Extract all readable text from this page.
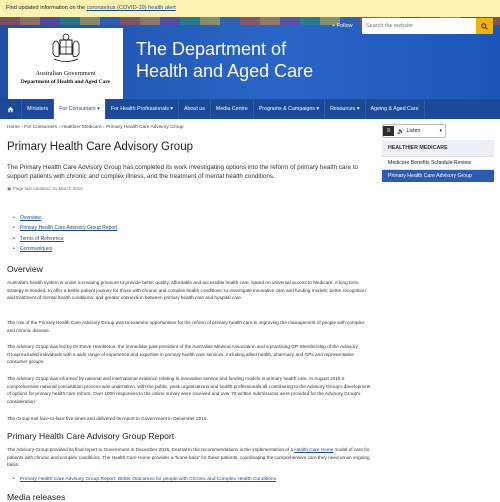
Find updated information on the coronavirus (COVID-19) health alert
Australian Government
Department of Health and Aged Care
The Department of
Health and Aged Care
+ Follow
Search the website
Ministers	For Consumers ▾	For Health Professionals ▾	About us	Media Centre	Programs & Campaigns ▾	Resources ▾	Ageing & Aged Care
Home › For Consumers › Healthier Medicare › Primary Health Care Advisory Group
Primary Health Care Advisory Group
The Primary Health Care Advisory Group has completed its work investigating options into the reform of primary health care to support patients with chronic and complex illness, and the treatment of mental health conditions.
▣ Page last updated: 31 March 2016
• Overview
• Primary Health Care Advisory Group Report
• Terms of Reference
• Communiques
Overview
Australia's health system is under increasing pressure to provide better quality, affordable and accessible health care, based on universal access to Medicare. A long term strategy is needed, to offer a better patient journey for those with chronic and complex health conditions; to investigate innovative care and funding models; better recognition and treatment of mental health conditions; and greater connection between primary health care and hospital care.
The role of the Primary Health Care Advisory Group was to examine opportunities for the reform of primary health care in improving the management of people with complex and chronic disease.
The Advisory Group was led by Dr Steve Hambleton, the immediate past president of the Australian Medical Association and a practising GP. Membership of the Advisory Group included individuals with a wide range of experience and expertise in primary health care services, including allied health, pharmacy and GPs and representative consumer groups.
The Advisory Group was informed by national and international evidence relating to innovative service and funding models in primary health care. In August 2015 a comprehensive national consultation process was undertaken, with the public, peak organisations and health professionals all contributing to the Advisory Group's development of options for primary health care reform. Over 1000 responses to the online survey were received and over 70 written submissions were provided for the Advisory Group's consideration.
The Group met face-to-face five times and delivered its report to Government in December 2015.
Primary Health Care Advisory Group Report
The Advisory Group provided its final report to Government in December 2015. Central to the recommendations is the implementation of a Health Care Home model of care for patients with chronic and complex conditions. The Health Care Home provides a 'home-base' for these patients, coordinating the comprehensive care they need on an ongoing basis.
• Primary Health Care Advisory Group Report: Better Outcomes for people with Chronic and Complex Health Conditions
Media releases
≡	🔊 Listen	▾
HEALTHIER MEDICARE
Medicare Benefits Schedule Review
Primary Health Care Advisory Group
